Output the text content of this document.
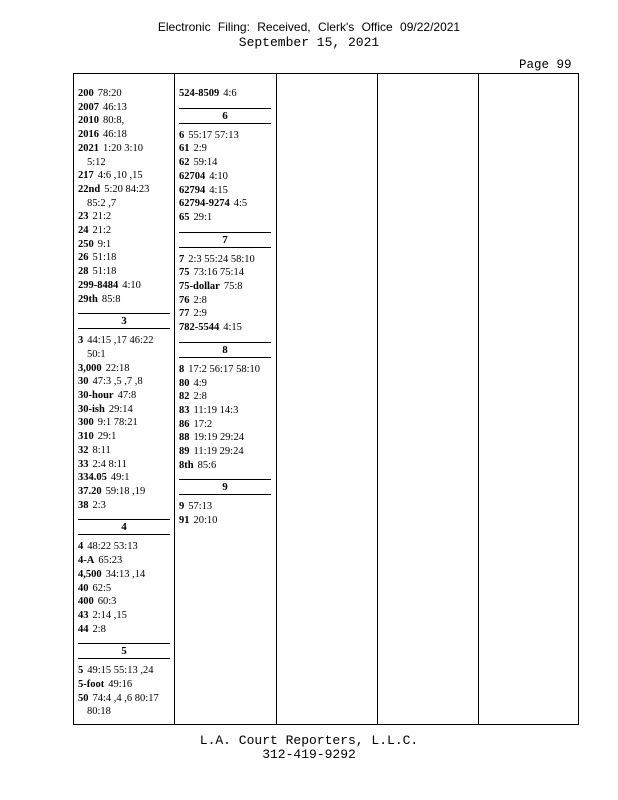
Electronic Filing: Received, Clerk's Office 09/22/2021
September 15, 2021
Page 99
200 78:20
2007 46:13
2010 80:8,
2016 46:18
2021 1:20 3:10
5:12
217 4:6 ,10 ,15
22nd 5:20 84:23
85:2 ,7
23 21:2
24 21:2
250 9:1
26 51:18
28 51:18
299-8484 4:10
29th 85:8
3
3 44:15 ,17 46:22
50:1
3,000 22:18
30 47:3 ,5 ,7 ,8
30-hour 47:8
30-ish 29:14
300 9:1 78:21
310 29:1
32 8:11
33 2:4 8:11
334.05 49:1
37.20 59:18 ,19
38 2:3
4
4 48:22 53:13
4-A 65:23
4,500 34:13 ,14
40 62:5
400 60:3
43 2:14 ,15
44 2:8
5
5 49:15 55:13 ,24
5-foot 49:16
50 74:4 ,4 ,6 80:17
80:18
524-8509 4:6
6
6 55:17 57:13
61 2:9
62 59:14
62704 4:10
62794 4:15
62794-9274 4:5
65 29:1
7
7 2:3 55:24 58:10
75 73:16 75:14
75-dollar 75:8
76 2:8
77 2:9
782-5544 4:15
8
8 17:2 56:17 58:10
80 4:9
82 2:8
83 11:19 14:3
86 17:2
88 19:19 29:24
89 11:19 29:24
8th 85:6
9
9 57:13
91 20:10
L.A. Court Reporters, L.L.C.
312-419-9292
